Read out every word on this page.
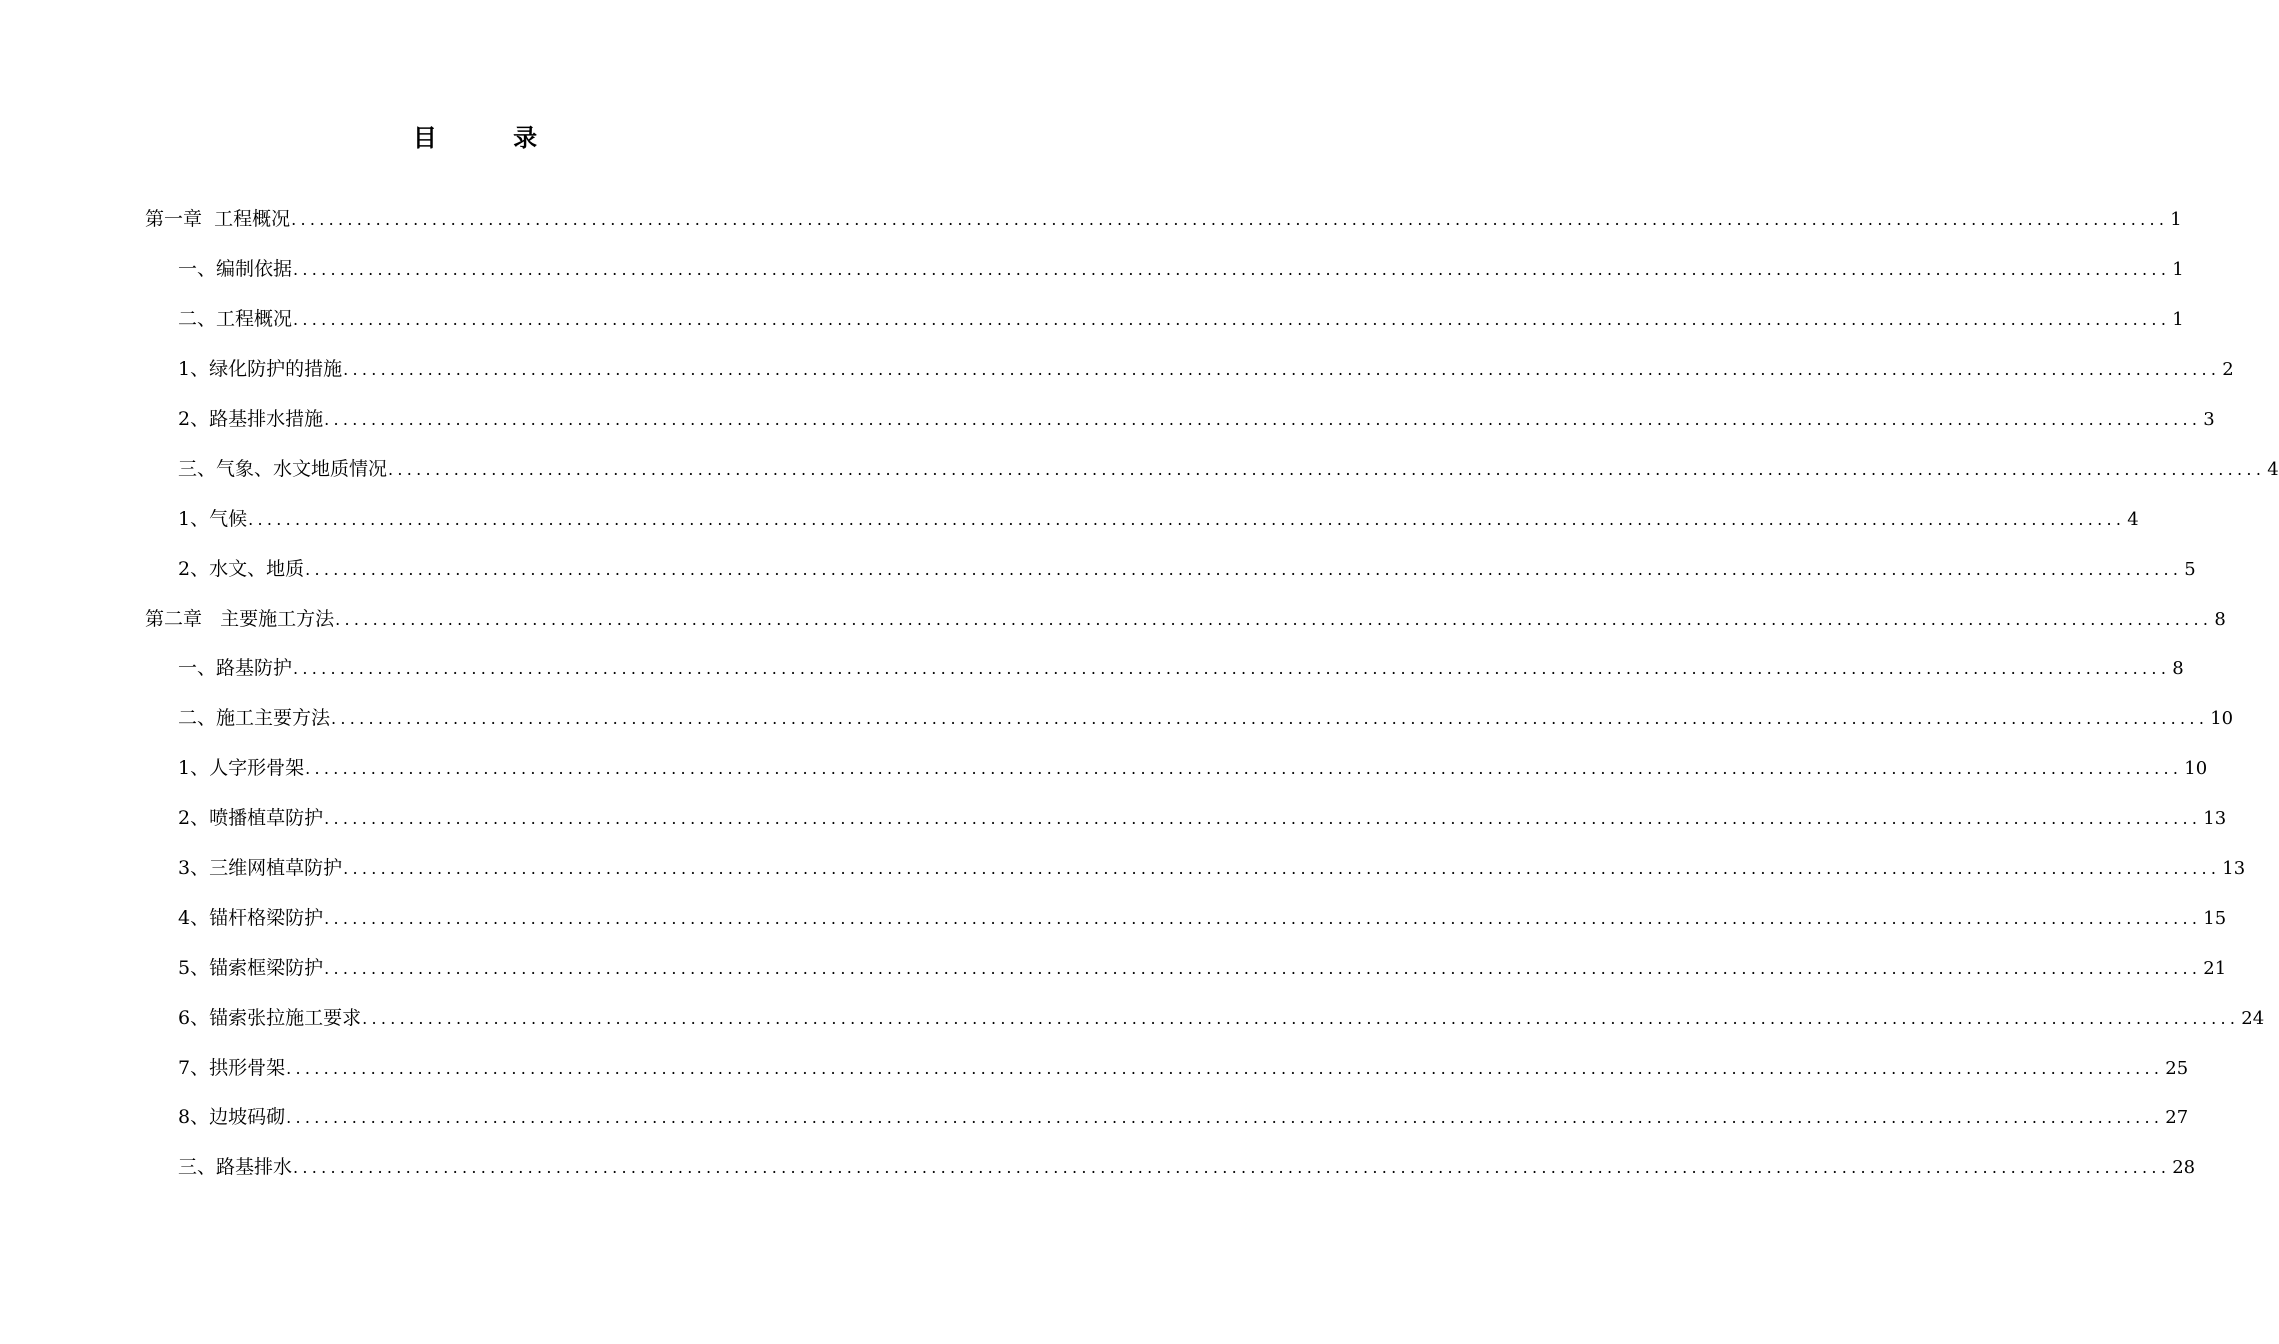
目 录
第一章  工程概况 ........................................................................................................................................................................................................ 1
一、编制依据 ........................................................................................................................................................................................................ 1
二、工程概况 ........................................................................................................................................................................................................ 1
1、绿化防护的措施 ........................................................................................................................................................................................................ 2
2、路基排水措施 ........................................................................................................................................................................................................ 3
三、气象、水文地质情况 ........................................................................................................................................................................................................ 4
1、气候 ........................................................................................................................................................................................................ 4
2、水文、地质 ........................................................................................................................................................................................................ 5
第二章   主要施工方法 ........................................................................................................................................................................................................ 8
一、路基防护 ........................................................................................................................................................................................................ 8
二、施工主要方法 ........................................................................................................................................................................................................ 10
1、人字形骨架 ........................................................................................................................................................................................................ 10
2、喷播植草防护 ........................................................................................................................................................................................................ 13
3、三维网植草防护 ........................................................................................................................................................................................................ 13
4、锚杆格梁防护 ........................................................................................................................................................................................................ 15
5、锚索框梁防护 ........................................................................................................................................................................................................ 21
6、锚索张拉施工要求 ........................................................................................................................................................................................................ 24
7、拱形骨架 ........................................................................................................................................................................................................ 25
8、边坡码砌 ........................................................................................................................................................................................................ 27
三、路基排水 ........................................................................................................................................................................................................ 28
